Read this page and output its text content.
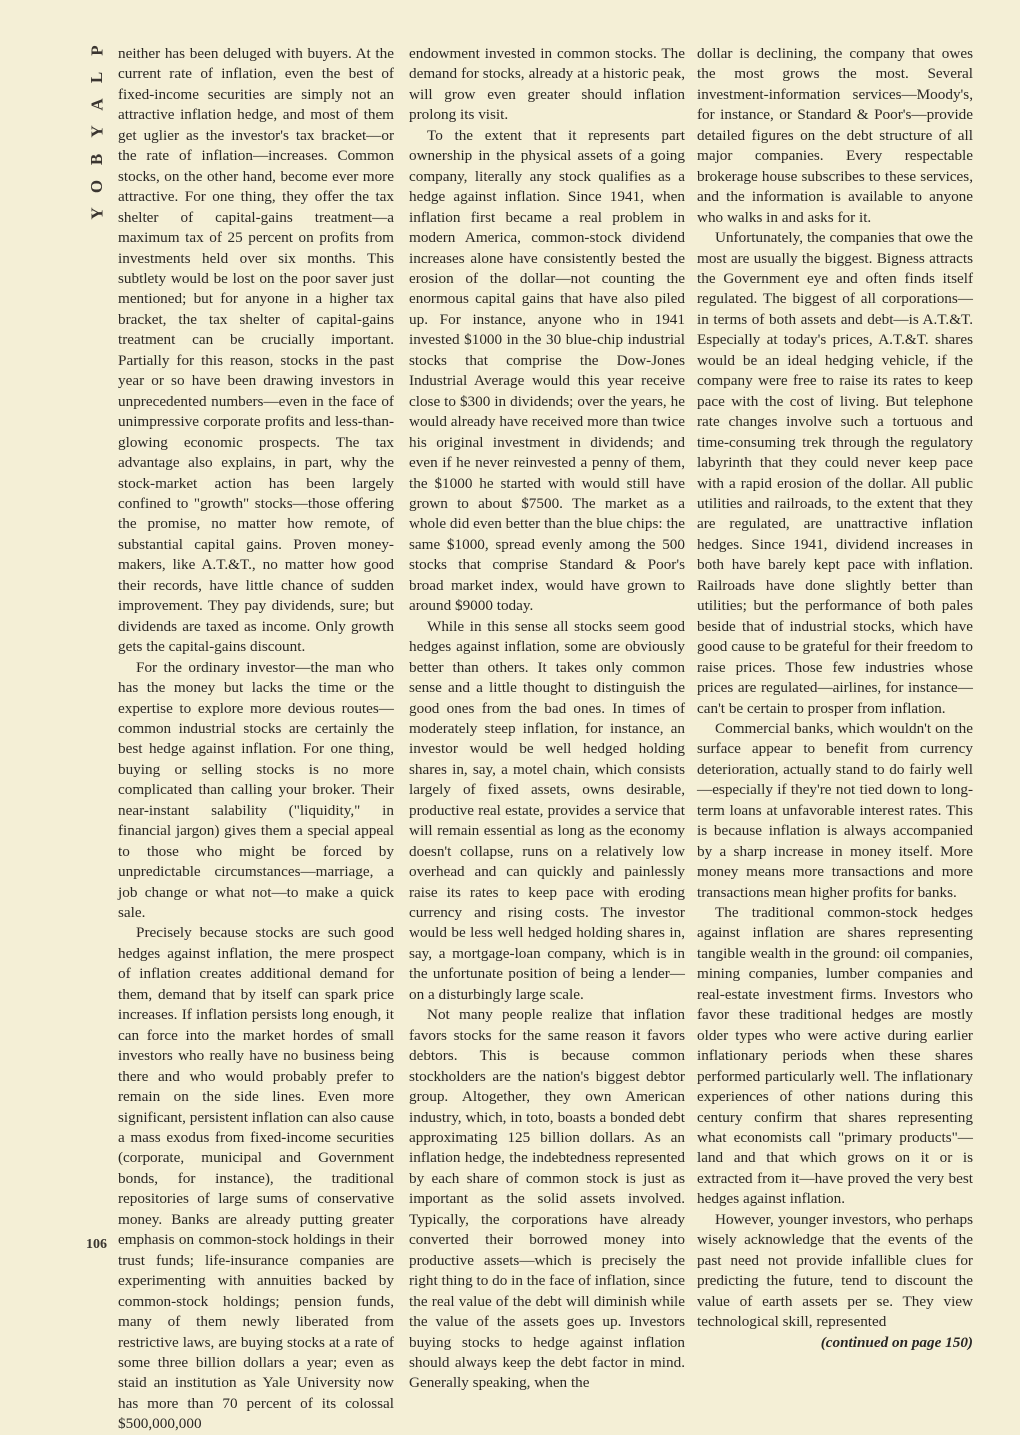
P
L
A
Y
B
O
Y
106

neither has been deluged with buyers. At the current rate of inflation, even the best of fixed-income securities are simply not an attractive inflation hedge, and most of them get uglier as the investor's tax bracket—or the rate of inflation—increases. Common stocks, on the other hand, become ever more attractive. For one thing, they offer the tax shelter of capital-gains treatment—a maximum tax of 25 percent on profits from investments held over six months. This subtlety would be lost on the poor saver just mentioned; but for anyone in a higher tax bracket, the tax shelter of capital-gains treatment can be crucially important. Partially for this reason, stocks in the past year or so have been drawing investors in unprecedented numbers—even in the face of unimpressive corporate profits and less-than-glowing economic prospects. The tax advantage also explains, in part, why the stock-market action has been largely confined to "growth" stocks—those offering the promise, no matter how remote, of substantial capital gains. Proven money-makers, like A.T.&T., no matter how good their records, have little chance of sudden improvement. They pay dividends, sure; but dividends are taxed as income. Only growth gets the capital-gains discount.

For the ordinary investor—the man who has the money but lacks the time or the expertise to explore more devious routes—common industrial stocks are certainly the best hedge against inflation. For one thing, buying or selling stocks is no more complicated than calling your broker. Their near-instant salability ("liquidity," in financial jargon) gives them a special appeal to those who might be forced by unpredictable circumstances—marriage, a job change or what not—to make a quick sale.

Precisely because stocks are such good hedges against inflation, the mere prospect of inflation creates additional demand for them, demand that by itself can spark price increases. If inflation persists long enough, it can force into the market hordes of small investors who really have no business being there and who would probably prefer to remain on the side lines. Even more significant, persistent inflation can also cause a mass exodus from fixed-income securities (corporate, municipal and Government bonds, for instance), the traditional repositories of large sums of conservative money. Banks are already putting greater emphasis on common-stock holdings in their trust funds; life-insurance companies are experimenting with annuities backed by common-stock holdings; pension funds, many of them newly liberated from restrictive laws, are buying stocks at a rate of some three billion dollars a year; even as staid an institution as Yale University now has more than 70 percent of its colossal $500,000,000

endowment invested in common stocks. The demand for stocks, already at a historic peak, will grow even greater should inflation prolong its visit.

To the extent that it represents part ownership in the physical assets of a going company, literally any stock qualifies as a hedge against inflation. Since 1941, when inflation first became a real problem in modern America, common-stock dividend increases alone have consistently bested the erosion of the dollar—not counting the enormous capital gains that have also piled up. For instance, anyone who in 1941 invested $1000 in the 30 blue-chip industrial stocks that comprise the Dow-Jones Industrial Average would this year receive close to $300 in dividends; over the years, he would already have received more than twice his original investment in dividends; and even if he never reinvested a penny of them, the $1000 he started with would still have grown to about $7500. The market as a whole did even better than the blue chips: the same $1000, spread evenly among the 500 stocks that comprise Standard & Poor's broad market index, would have grown to around $9000 today.

While in this sense all stocks seem good hedges against inflation, some are obviously better than others. It takes only common sense and a little thought to distinguish the good ones from the bad ones. In times of moderately steep inflation, for instance, an investor would be well hedged holding shares in, say, a motel chain, which consists largely of fixed assets, owns desirable, productive real estate, provides a service that will remain essential as long as the economy doesn't collapse, runs on a relatively low overhead and can quickly and painlessly raise its rates to keep pace with eroding currency and rising costs. The investor would be less well hedged holding shares in, say, a mortgage-loan company, which is in the unfortunate position of being a lender—on a disturbingly large scale.

Not many people realize that inflation favors stocks for the same reason it favors debtors. This is because common stockholders are the nation's biggest debtor group. Altogether, they own American industry, which, in toto, boasts a bonded debt approximating 125 billion dollars. As an inflation hedge, the indebtedness represented by each share of common stock is just as important as the solid assets involved. Typically, the corporations have already converted their borrowed money into productive assets—which is precisely the right thing to do in the face of inflation, since the real value of the debt will diminish while the value of the assets goes up. Investors buying stocks to hedge against inflation should always keep the debt factor in mind. Generally speaking, when the

dollar is declining, the company that owes the most grows the most. Several investment-information services—Moody's, for instance, or Standard & Poor's—provide detailed figures on the debt structure of all major companies. Every respectable brokerage house subscribes to these services, and the information is available to anyone who walks in and asks for it.

Unfortunately, the companies that owe the most are usually the biggest. Bigness attracts the Government eye and often finds itself regulated. The biggest of all corporations—in terms of both assets and debt—is A.T.&T. Especially at today's prices, A.T.&T. shares would be an ideal hedging vehicle, if the company were free to raise its rates to keep pace with the cost of living. But telephone rate changes involve such a tortuous and time-consuming trek through the regulatory labyrinth that they could never keep pace with a rapid erosion of the dollar. All public utilities and railroads, to the extent that they are regulated, are unattractive inflation hedges. Since 1941, dividend increases in both have barely kept pace with inflation. Railroads have done slightly better than utilities; but the performance of both pales beside that of industrial stocks, which have good cause to be grateful for their freedom to raise prices. Those few industries whose prices are regulated—airlines, for instance—can't be certain to prosper from inflation.

Commercial banks, which wouldn't on the surface appear to benefit from currency deterioration, actually stand to do fairly well—especially if they're not tied down to long-term loans at unfavorable interest rates. This is because inflation is always accompanied by a sharp increase in money itself. More money means more transactions and more transactions mean higher profits for banks.

The traditional common-stock hedges against inflation are shares representing tangible wealth in the ground: oil companies, mining companies, lumber companies and real-estate investment firms. Investors who favor these traditional hedges are mostly older types who were active during earlier inflationary periods when these shares performed particularly well. The inflationary experiences of other nations during this century confirm that shares representing what economists call "primary products"—land and that which grows on it or is extracted from it—have proved the very best hedges against inflation.

However, younger investors, who perhaps wisely acknowledge that the events of the past need not provide infallible clues for predicting the future, tend to discount the value of earth assets per se. They view technological skill, represented

(continued on page 150)
